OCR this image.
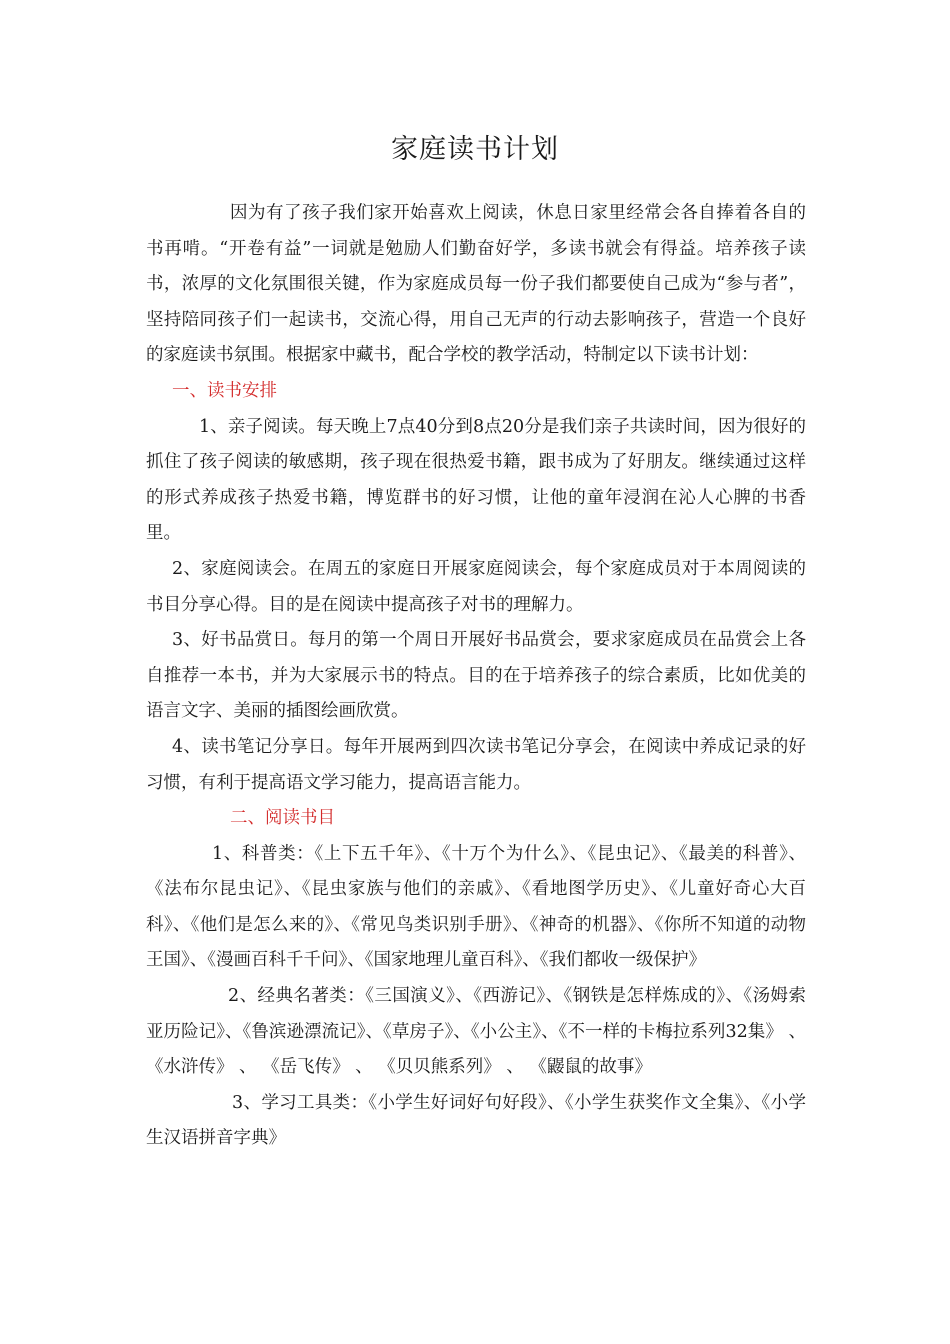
家庭读书计划

因为有了孩子我们家开始喜欢上阅读，休息日家里经常会各自捧着各自的书再啃。“开卷有益”一词就是勉励人们勤奋好学，多读书就会有得益。培养孩子读书，浓厚的文化氛围很关键，作为家庭成员每一份子我们都要使自己成为“参与者”，坚持陪同孩子们一起读书，交流心得，用自己无声的行动去影响孩子，营造一个良好的家庭读书氛围。根据家中藏书，配合学校的教学活动，特制定以下读书计划：

一、读书安排

1、亲子阅读。每天晚上7点40分到8点20分是我们亲子共读时间，因为很好的抓住了孩子阅读的敏感期，孩子现在很热爱书籍，跟书成为了好朋友。继续通过这样的形式养成孩子热爱书籍，博览群书的好习惯，让他的童年浸润在沁人心脾的书香里。

2、家庭阅读会。在周五的家庭日开展家庭阅读会，每个家庭成员对于本周阅读的书目分享心得。目的是在阅读中提高孩子对书的理解力。

3、好书品赏日。每月的第一个周日开展好书品赏会，要求家庭成员在品赏会上各自推荐一本书，并为大家展示书的特点。目的在于培养孩子的综合素质，比如优美的语言文字、美丽的插图绘画欣赏。

4、读书笔记分享日。每年开展两到四次读书笔记分享会，在阅读中养成记录的好习惯，有利于提高语文学习能力，提高语言能力。

二、阅读书目

1、科普类：《上下五千年》、《十万个为什么》、《昆虫记》、《最美的科普》、《法布尔昆虫记》、《昆虫家族与他们的亲戚》、《看地图学历史》、《儿童好奇心大百科》、《他们是怎么来的》、《常见鸟类识别手册》、《神奇的机器》、《你所不知道的动物王国》、《漫画百科千千问》、《国家地理儿童百科》、《我们都收一级保护》

2、经典名著类：《三国演义》、《西游记》、《钢铁是怎样炼成的》、《汤姆索亚历险记》、《鲁滨逊漂流记》、《草房子》、《小公主》、《不一样的卡梅拉系列32集》 、 《水浒传》 、 《岳飞传》 、 《贝贝熊系列》 、 《鼹鼠的故事》

3、学习工具类：《小学生好词好句好段》、《小学生获奖作文全集》、《小学生汉语拼音字典》
